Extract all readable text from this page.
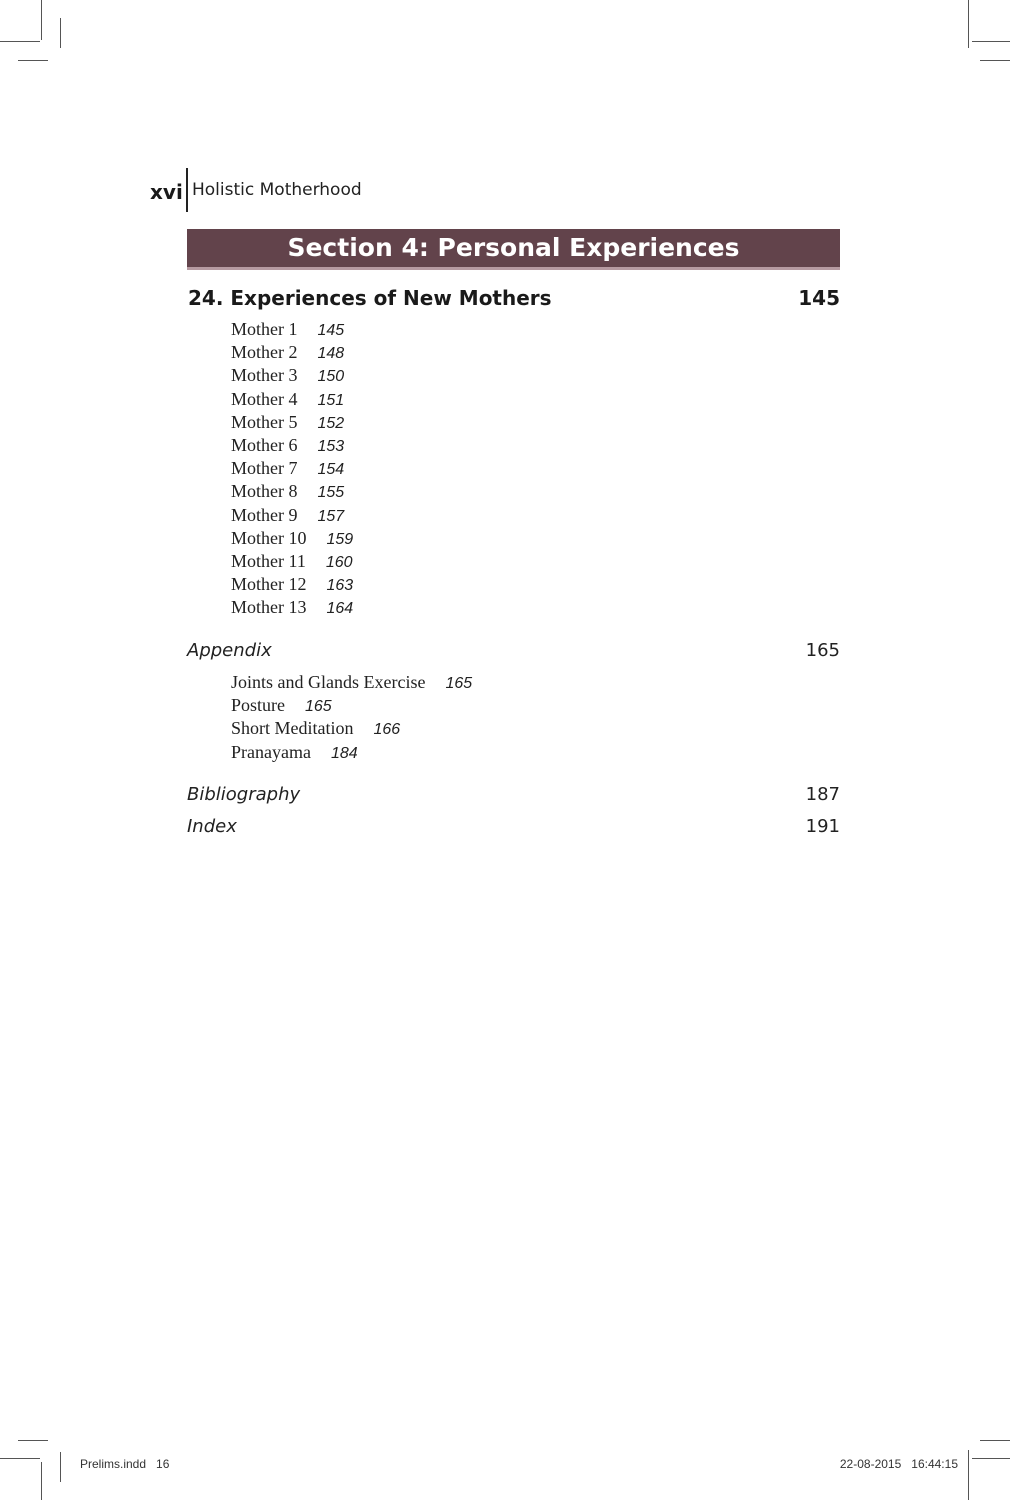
xvi Holistic Motherhood
Section 4: Personal Experiences
24. Experiences of New Mothers	145
Mother 1 145
Mother 2 148
Mother 3 150
Mother 4 151
Mother 5 152
Mother 6 153
Mother 7 154
Mother 8 155
Mother 9 157
Mother 10 159
Mother 11 160
Mother 12 163
Mother 13 164
Appendix	165
Joints and Glands Exercise 165
Posture 165
Short Meditation 166
Pranayama 184
Bibliography	187
Index	191
Prelims.indd 16	22-08-2015 16:44:15
